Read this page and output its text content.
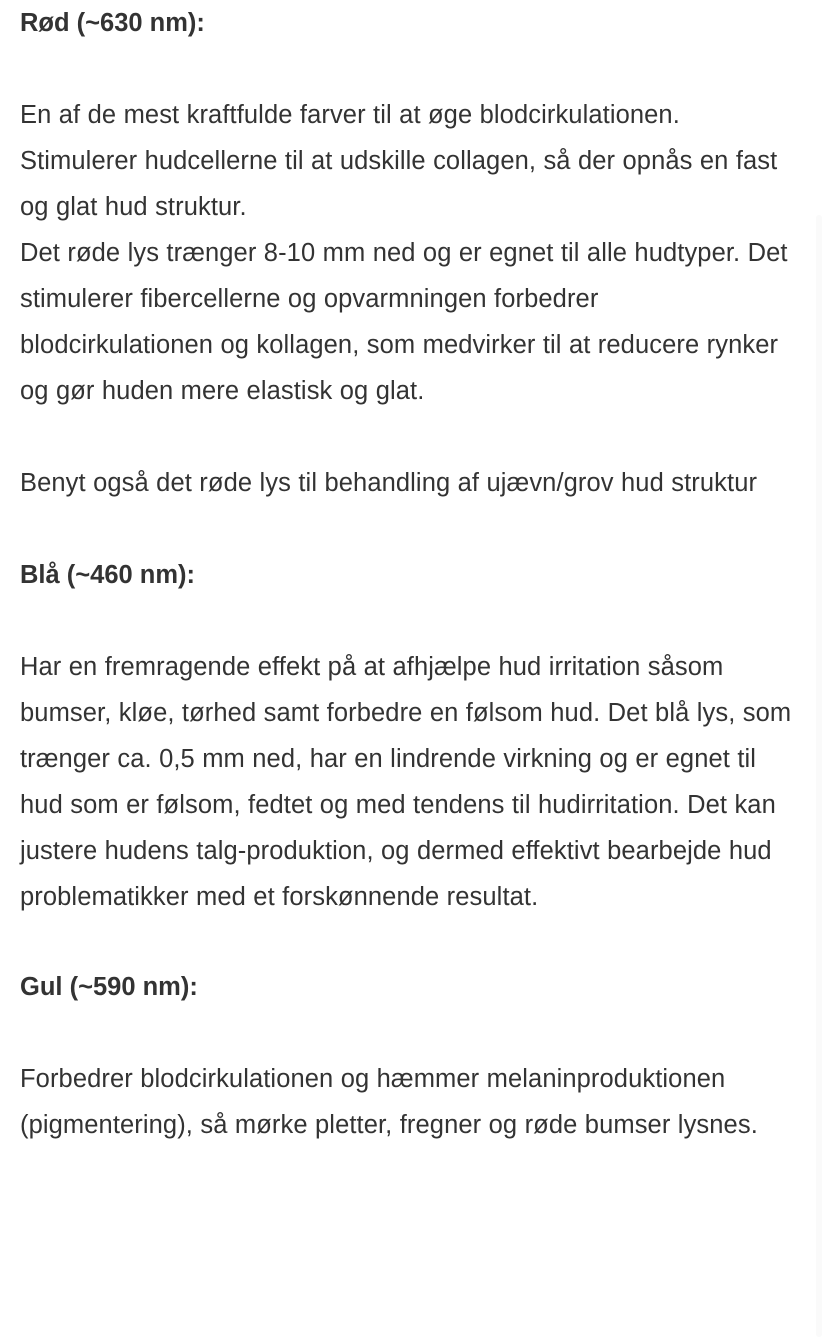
Rød (~630 nm):

En af de mest kraftfulde farver til at øge blodcirkulationen. Stimulerer hudcellerne til at udskille collagen, så der opnås en fast og glat hud struktur.

Det røde lys trænger 8-10 mm ned og er egnet til alle hudtyper. Det stimulerer fibercellerne og opvarmningen forbedrer blodcirkulationen og kollagen, som medvirker til at reducere rynker og gør huden mere elastisk og glat.

Benyt også det røde lys til behandling af ujævn/grov hud struktur

Blå (~460 nm):

Har en fremragende effekt på at afhjælpe hud irritation såsom bumser, kløe, tørhed samt forbedre en følsom hud. Det blå lys, som trænger ca. 0,5 mm ned, har en lindrende virkning og er egnet til hud som er følsom, fedtet og med tendens til hudirritation. Det kan justere hudens talg-produktion, og dermed effektivt bearbejde hud problematikker med et forskønnende resultat.

Gul (~590 nm):

Forbedrer blodcirkulationen og hæmmer melaninproduktionen (pigmentering), så mørke pletter, fregner og røde bumser lysnes.
